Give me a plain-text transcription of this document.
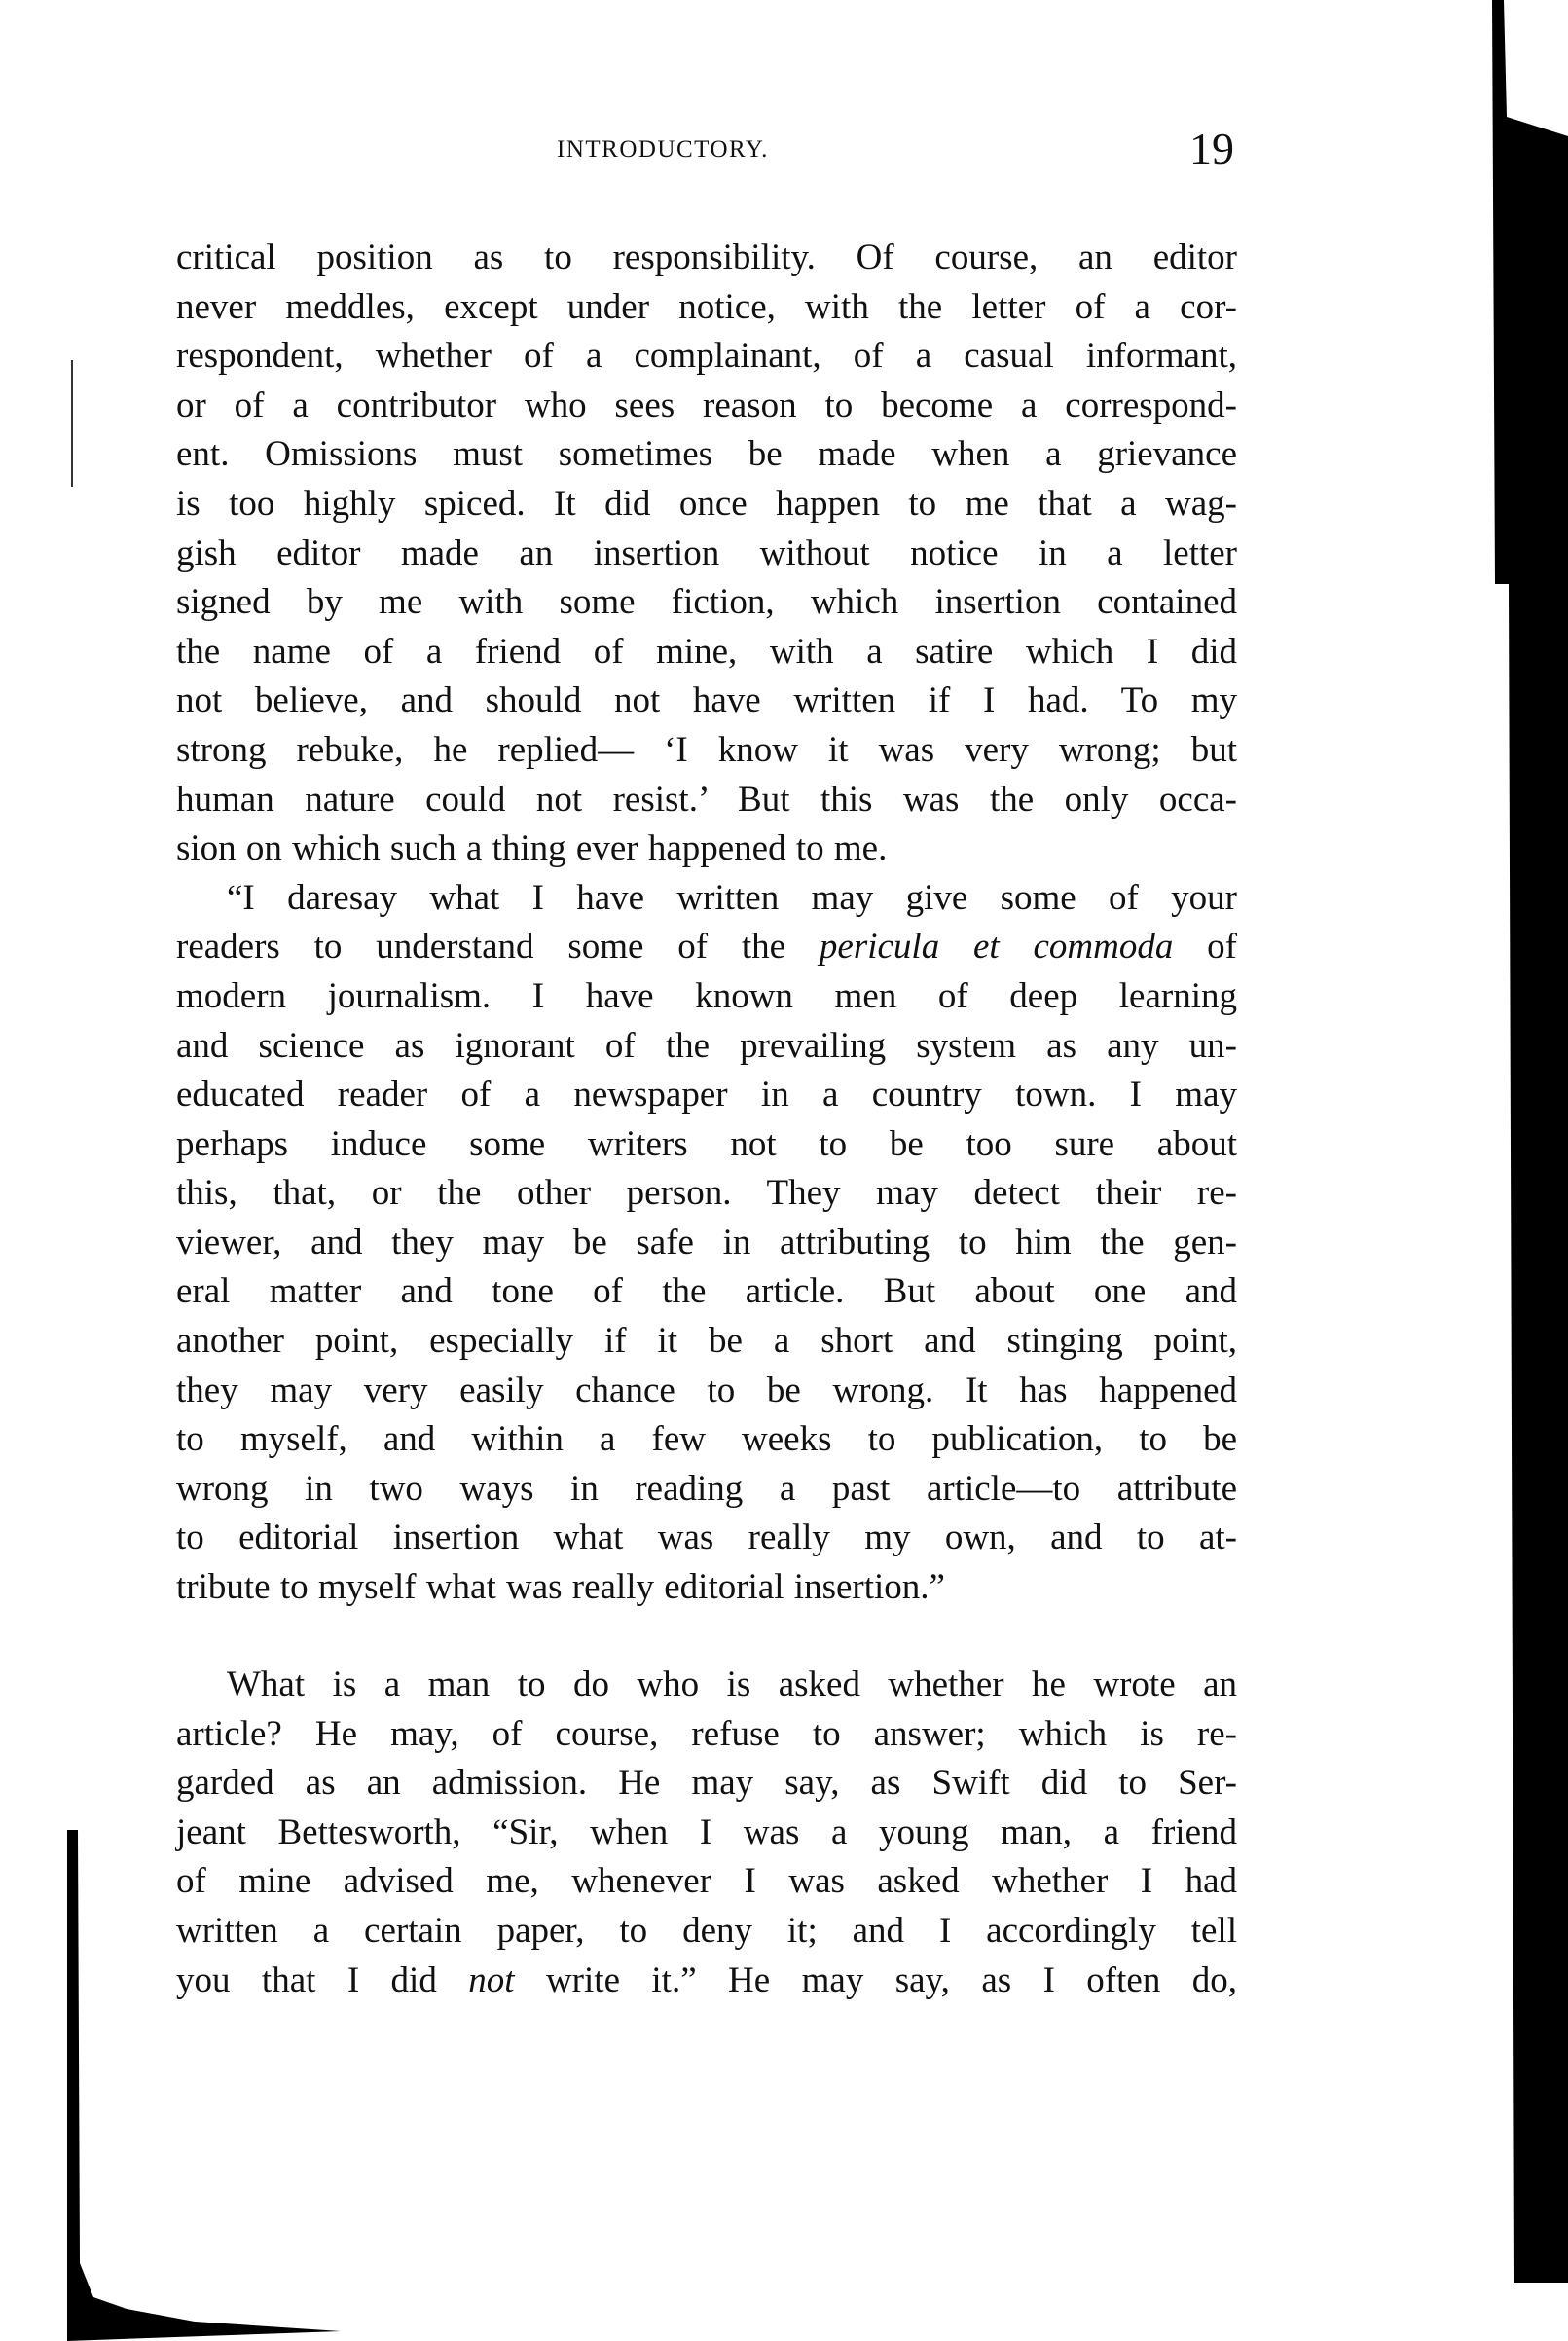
INTRODUCTORY.	19
critical position as to responsibility. Of course, an editor
never meddles, except under notice, with the letter of a cor-
respondent, whether of a complainant, of a casual informant,
or of a contributor who sees reason to become a correspond-
ent. Omissions must sometimes be made when a grievance
is too highly spiced. It did once happen to me that a wag-
gish editor made an insertion without notice in a letter
signed by me with some fiction, which insertion contained
the name of a friend of mine, with a satire which I did
not believe, and should not have written if I had. To my
strong rebuke, he replied— ‘I know it was very wrong; but
human nature could not resist.’ But this was the only occa-
sion on which such a thing ever happened to me.
“I daresay what I have written may give some of your
readers to understand some of the pericula et commoda of
modern journalism. I have known men of deep learning
and science as ignorant of the prevailing system as any un-
educated reader of a newspaper in a country town. I may
perhaps induce some writers not to be too sure about
this, that, or the other person. They may detect their re-
viewer, and they may be safe in attributing to him the gen-
eral matter and tone of the article. But about one and
another point, especially if it be a short and stinging point,
they may very easily chance to be wrong. It has happened
to myself, and within a few weeks to publication, to be
wrong in two ways in reading a past article—to attribute
to editorial insertion what was really my own, and to at-
tribute to myself what was really editorial insertion.”
What is a man to do who is asked whether he wrote an
article? He may, of course, refuse to answer; which is re-
garded as an admission. He may say, as Swift did to Ser-
jeant Bettesworth, “Sir, when I was a young man, a friend
of mine advised me, whenever I was asked whether I had
written a certain paper, to deny it; and I accordingly tell
you that I did not write it.” He may say, as I often do,
